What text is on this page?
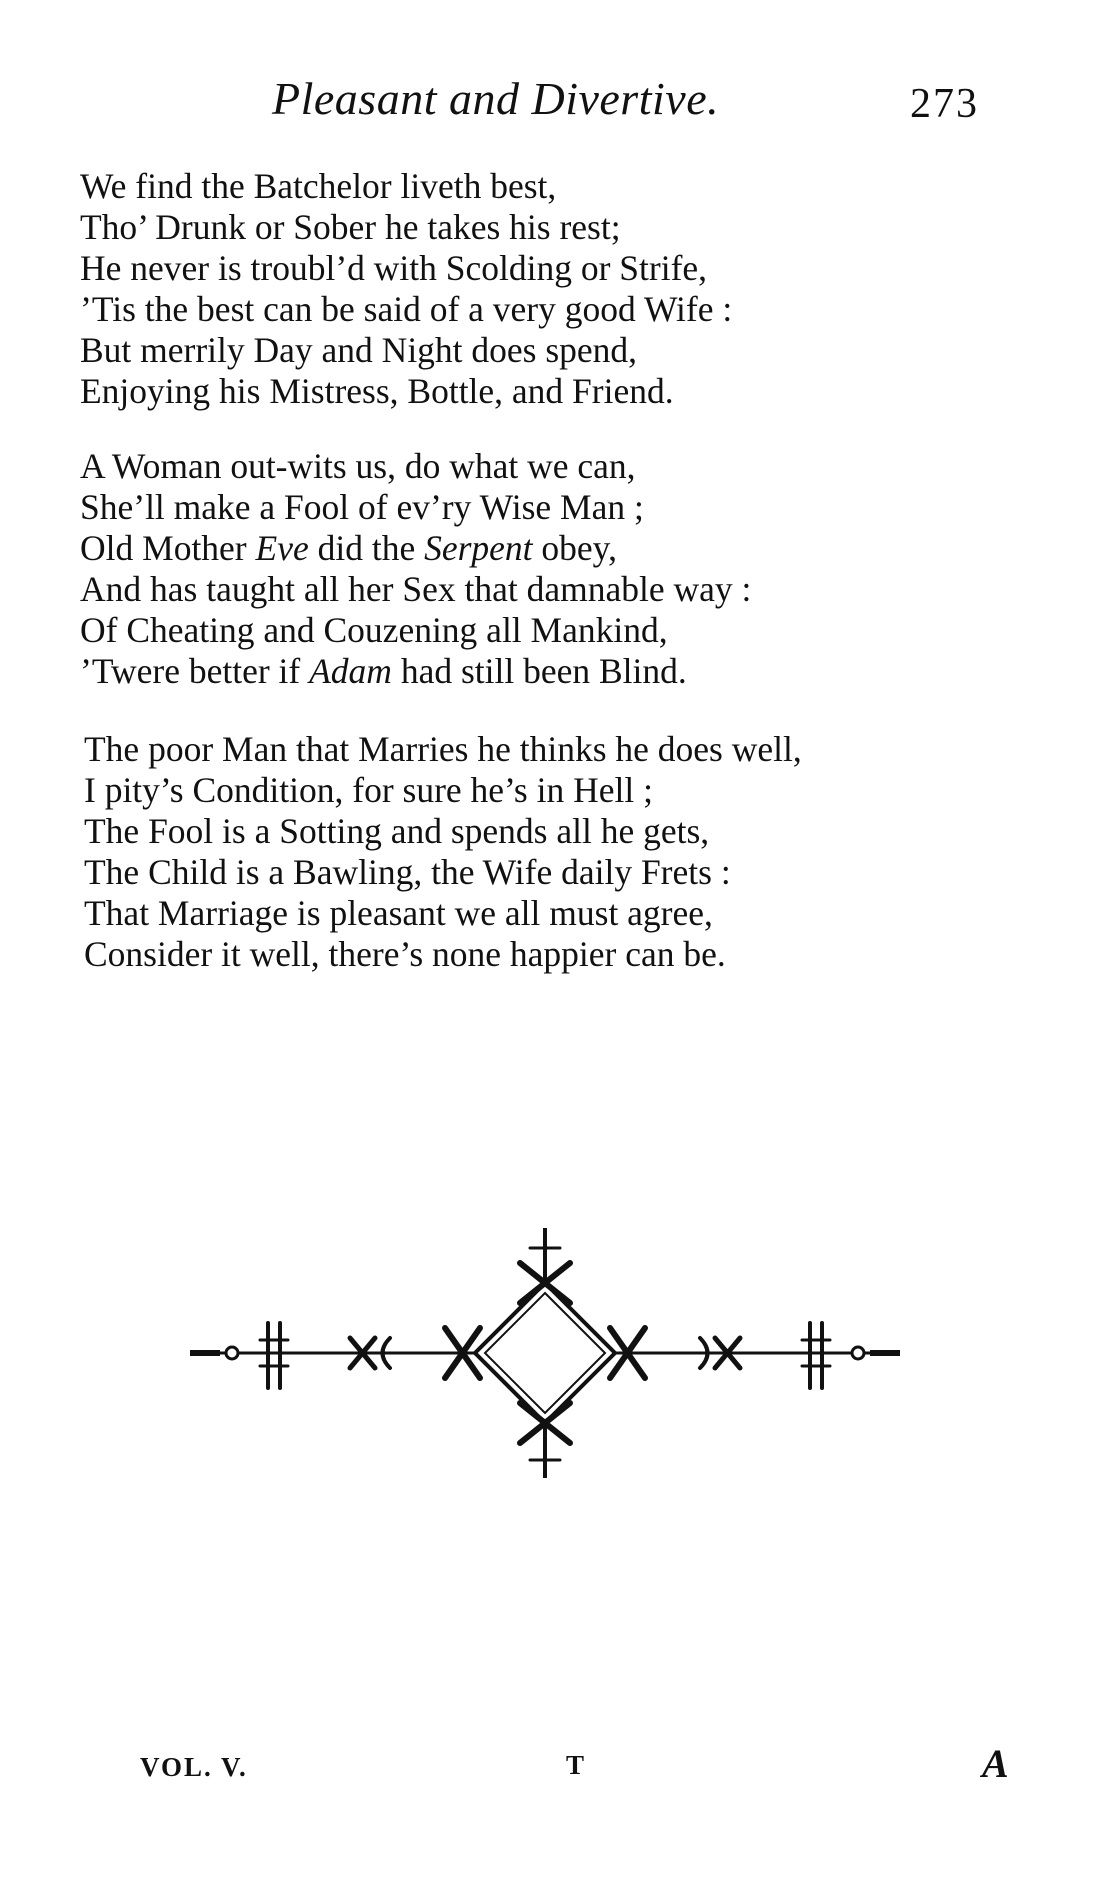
Pleasant and Divertive.	273
We find the Batchelor liveth best,
Tho’ Drunk or Sober he takes his rest;
He never is troubl’d with Scolding or Strife,
’Tis the best can be said of a very good Wife :
But merrily Day and Night does spend,
Enjoying his Mistress, Bottle, and Friend.
A Woman out-wits us, do what we can,
She’ll make a Fool of ev’ry Wise Man ;
Old Mother Eve did the Serpent obey,
And has taught all her Sex that damnable way :
Of Cheating and Couzening all Mankind,
’Twere better if Adam had still been Blind.
The poor Man that Marries he thinks he does well,
I pity’s Condition, for sure he’s in Hell ;
The Fool is a Sotting and spends all he gets,
The Child is a Bawling, the Wife daily Frets :
That Marriage is pleasant we all must agree,
Consider it well, there’s none happier can be.
VOL. V.	T	A
